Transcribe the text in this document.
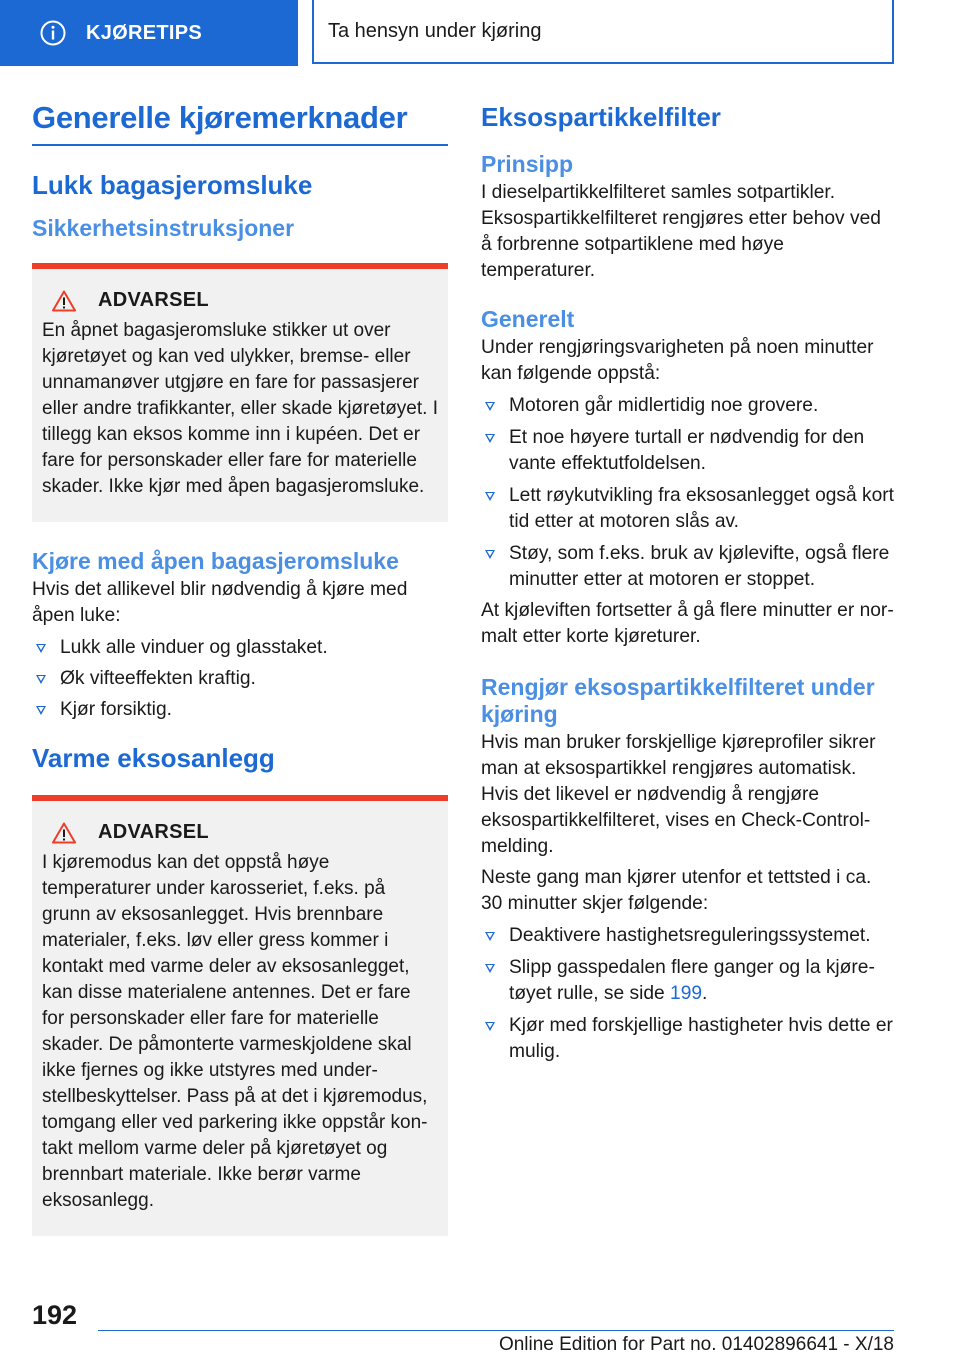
KJØRETIPS	Ta hensyn under kjøring
Generelle kjøremerknader
Lukk bagasjeromsluke
Sikkerhetsinstruksjoner
ADVARSEL

En åpnet bagasjeromsluke stikker ut over kjøretøyet og kan ved ulykker, bremse- eller unnamanøver utgjøre en fare for passasjerer eller andre trafikkanter, eller skade kjøretøyet. I tillegg kan eksos komme inn i kupéen. Det er fare for personskader eller fare for materielle skader. Ikke kjør med åpen bagasjeromsluke.

Kjøre med åpen bagasjeromsluke

Hvis det allikevel blir nødvendig å kjøre med åpen luke:

Lukk alle vinduer og glasstaket.
Øk vifteeffekten kraftig.
Kjør forsiktig.
Varme eksosanlegg
ADVARSEL

I kjøremodus kan det oppstå høye temperaturer under karosseriet, f.eks. på grunn av eksosanlegget. Hvis brennbare materialer, f.eks. løv eller gress kommer i kontakt med varme deler av eksosanlegget, kan disse materialene antennes. Det er fare for personskader eller fare for materielle skader. De påmonterte varmeskjoldene skal ikke fjernes og ikke utstyres med understellbeskyttelser. Pass på at det i kjøremodus, tomgang eller ved parkering ikke oppstår kontakt mellom varme deler på kjøretøyet og brennbart materiale. Ikke berør varme eksosanlegg.

Eksospartikkelfilter
Prinsipp

I dieselpartikkelfilteret samles sotpartikler. Eksospartikkelfilteret rengjøres etter behov ved å forbrenne sotpartiklene med høye temperaturer.

Generelt

Under rengjøringsvarigheten på noen minutter kan følgende oppstå:

Motoren går midlertidig noe grovere.
Et noe høyere turtall er nødvendig for den vante effektutfoldelsen.
Lett røykutvikling fra eksosanlegget også kort tid etter at motoren slås av.
Støy, som f.eks. bruk av kjølevifte, også flere minutter etter at motoren er stoppet.

At kjøleviften fortsetter å gå flere minutter er normalt etter korte kjøreturer.

Rengjør eksospartikkelfilteret under kjøring

Hvis man bruker forskjellige kjøreprofiler sikrer man at eksospartikkel rengjøres automatisk. Hvis det likevel er nødvendig å rengjøre eksospartikkelfilteret, vises en Check-Control-melding.

Neste gang man kjører utenfor et tettsted i ca. 30 minutter skjer følgende:

Deaktivere hastighetsreguleringssystemet.
Slipp gasspedalen flere ganger og la kjøretøyet rulle, se side 199.
Kjør med forskjellige hastigheter hvis dette er mulig.
192
Online Edition for Part no. 01402896641 - X/18
